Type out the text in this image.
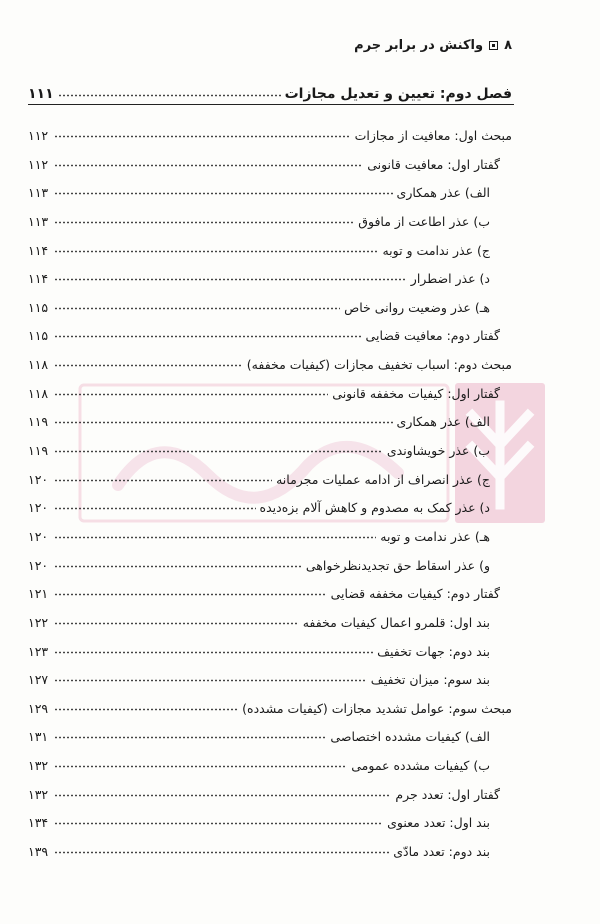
۸
واکنش در برابر جرم
فصل دوم: تعیین و تعدیل مجازات
۱۱۱
مبحث اول: معافیت از مجازات
۱۱۲
گفتار اول: معافیت قانونی
۱۱۲
الف) عذر همکاری
۱۱۳
ب) عذر اطاعت از مافوق
۱۱۳
ج) عذر ندامت و توبه
۱۱۴
د) عذر اضطرار
۱۱۴
هـ) عذر وضعیت روانی خاص
۱۱۵
گفتار دوم: معافیت قضایی
۱۱۵
مبحث دوم: اسباب تخفیف مجازات (کیفیات مخففه)
۱۱۸
گفتار اول: کیفیات مخففه قانونی
۱۱۸
الف) عذر همکاری
۱۱۹
ب) عذر خویشاوندی
۱۱۹
ج) عذر انصراف از ادامه عملیات مجرمانه
۱۲۰
د) عذر کمک به مصدوم و کاهش آلام بزه‌دیده
۱۲۰
هـ) عذر ندامت و توبه
۱۲۰
و) عذر اسقاط حق تجدیدنظرخواهی
۱۲۰
گفتار دوم: کیفیات مخففه قضایی
۱۲۱
بند اول: قلمرو اعمال کیفیات مخففه
۱۲۲
بند دوم: جهات تخفیف
۱۲۳
بند سوم: میزان تخفیف
۱۲۷
مبحث سوم: عوامل تشدید مجازات (کیفیات مشدده)
۱۲۹
الف) کیفیات مشدده اختصاصی
۱۳۱
ب) کیفیات مشدده عمومی
۱۳۲
گفتار اول: تعدد جرم
۱۳۲
بند اول: تعدد معنوی
۱۳۴
بند دوم: تعدد مادّی
۱۳۹
